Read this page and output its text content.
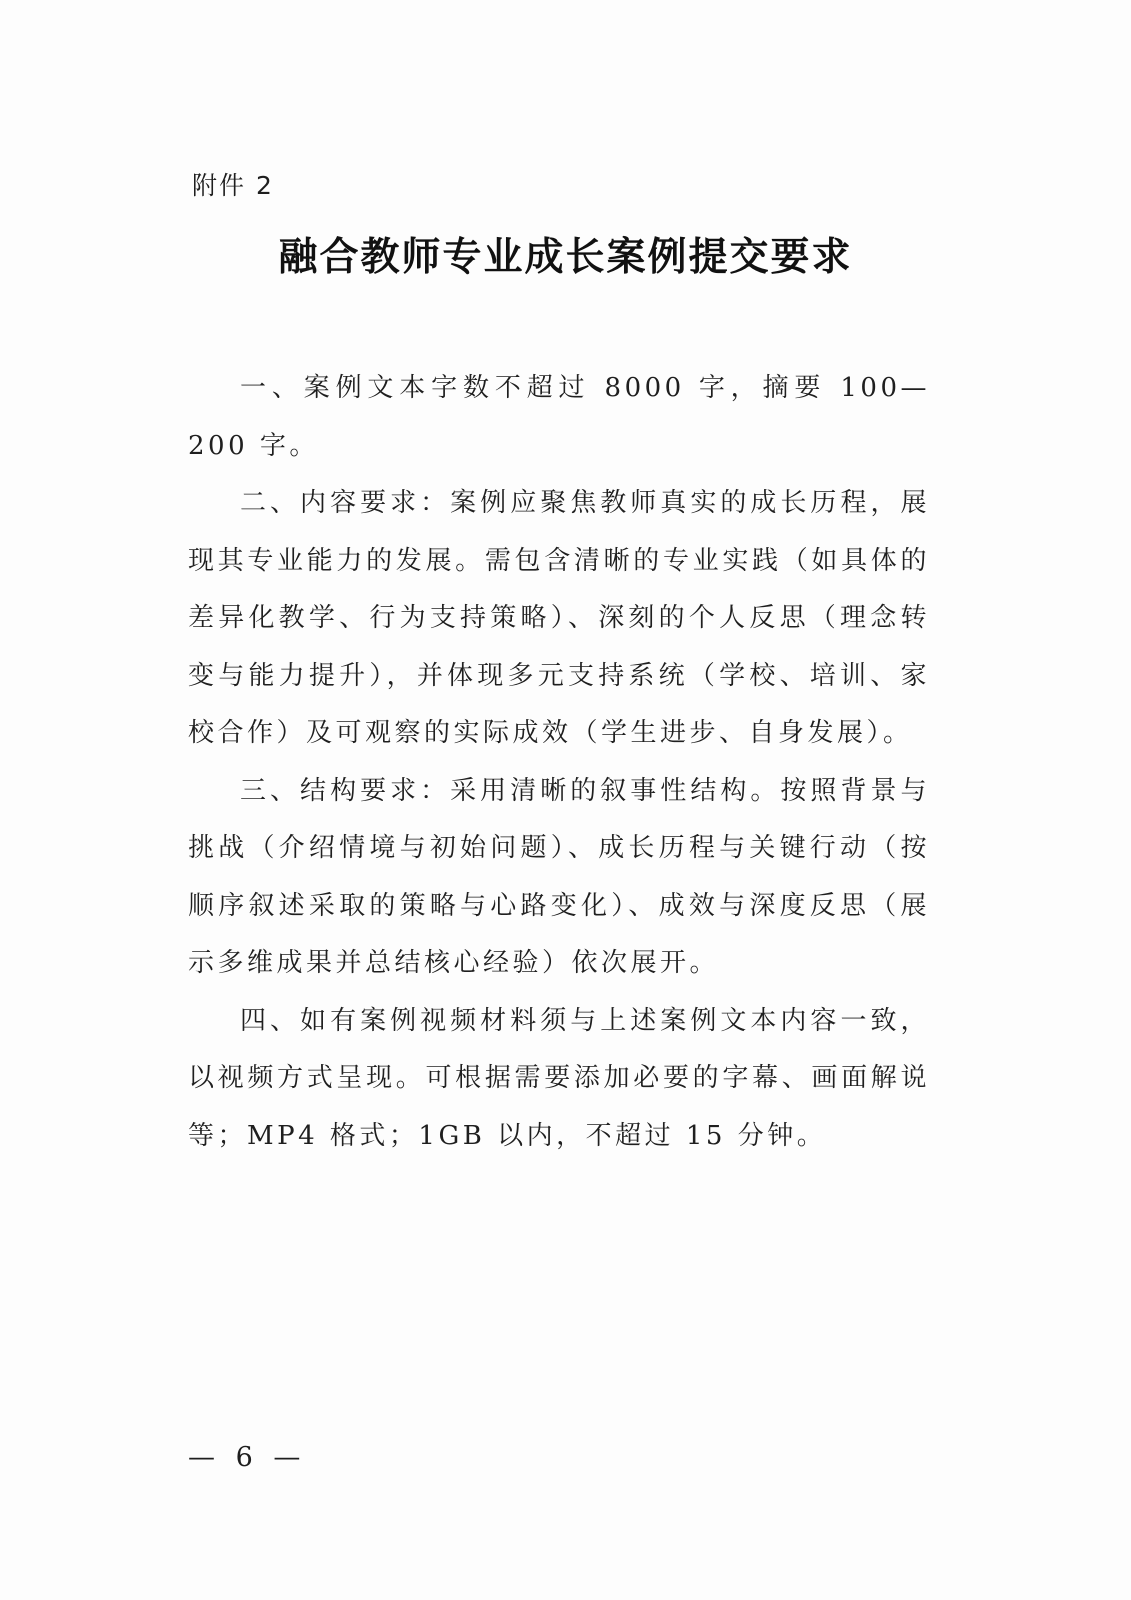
附件 2
融合教师专业成长案例提交要求

一、案例文本字数不超过 8000 字，摘要 100—200 字。

二、内容要求：案例应聚焦教师真实的成长历程，展现其专业能力的发展。需包含清晰的专业实践（如具体的差异化教学、行为支持策略）、深刻的个人反思（理念转变与能力提升），并体现多元支持系统（学校、培训、家校合作）及可观察的实际成效（学生进步、自身发展）。

三、结构要求：采用清晰的叙事性结构。按照背景与挑战（介绍情境与初始问题）、成长历程与关键行动（按顺序叙述采取的策略与心路变化）、成效与深度反思（展示多维成果并总结核心经验）依次展开。

四、如有案例视频材料须与上述案例文本内容一致，以视频方式呈现。可根据需要添加必要的字幕、画面解说等；MP4 格式；1GB 以内，不超过 15 分钟。

— 6 —
